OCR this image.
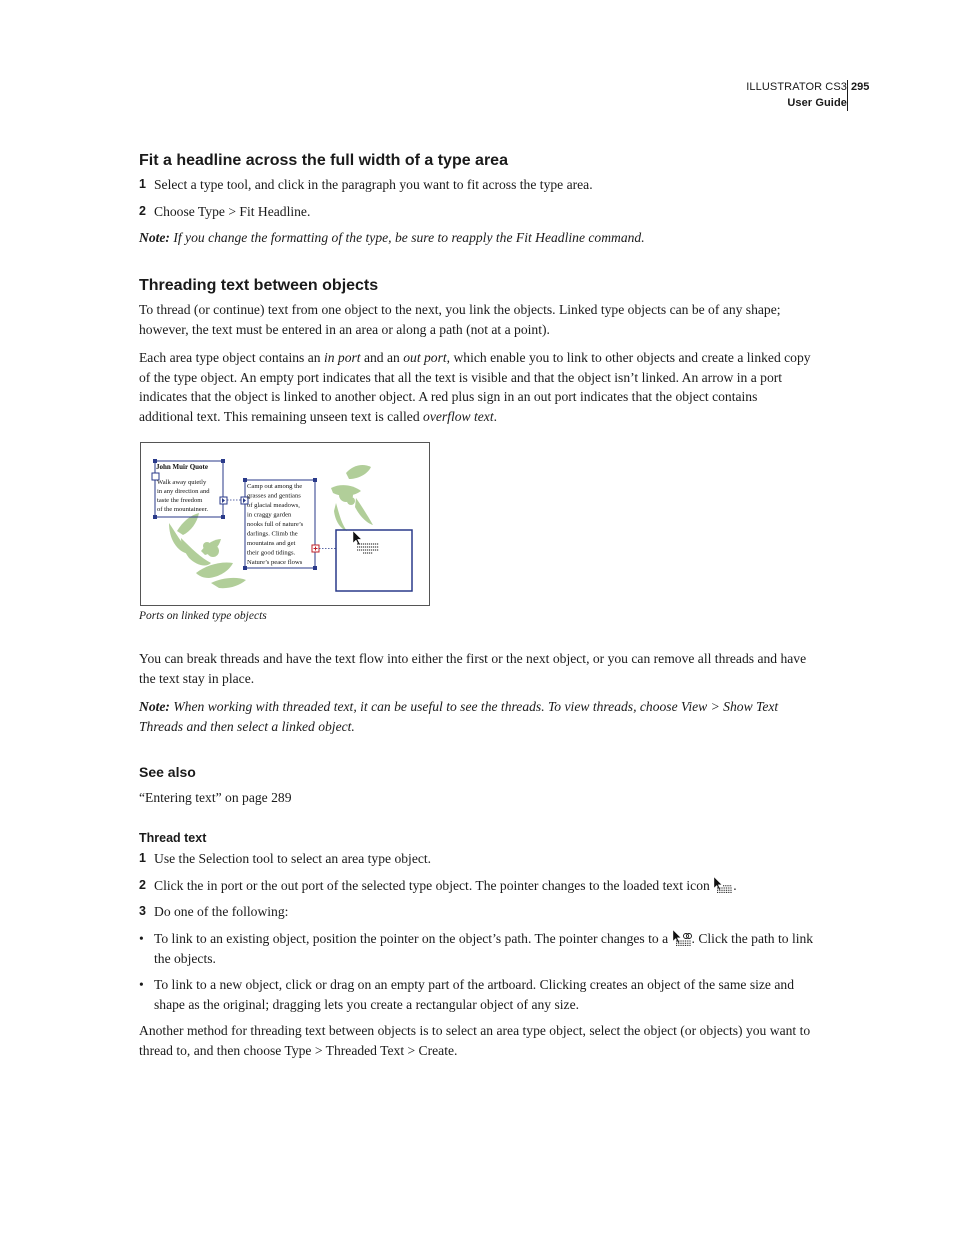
ILLUSTRATOR CS3
User Guide
295
Fit a headline across the full width of a type area
1 Select a type tool, and click in the paragraph you want to fit across the type area.
2 Choose Type > Fit Headline.

Note: If you change the formatting of the type, be sure to reapply the Fit Headline command.

Threading text between objects

To thread (or continue) text from one object to the next, you link the objects. Linked type objects can be of any shape; however, the text must be entered in an area or along a path (not at a point).

Each area type object contains an in port and an out port, which enable you to link to other objects and create a linked copy of the type object. An empty port indicates that all the text is visible and that the object isn’t linked. An arrow in a port indicates that the object is linked to another object. A red plus sign in an out port indicates that the object contains additional text. This remaining unseen text is called overflow text.

John Muir Quote
Walk away quietly
in any direction and
taste the freedom
of the mountaineer.
Camp out among the
grasses and gentians
of glacial meadows,
in craggy garden
nooks full of nature’s
darlings. Climb the
mountains and get
their good tidings.
Nature’s peace flows
Ports on linked type objects

You can break threads and have the text flow into either the first or the next object, or you can remove all threads and have the text stay in place.

Note: When working with threaded text, it can be useful to see the threads. To view threads, choose View > Show Text Threads and then select a linked object.

See also

“Entering text” on page 289

Thread text
1 Use the Selection tool to select an area type object.
2 Click the in port or the out port of the selected type object. The pointer changes to the loaded text icon .
3 Do one of the following:
• To link to an existing object, position the pointer on the object’s path. The pointer changes to a . Click the path to link the objects.
• To link to a new object, click or drag on an empty part of the artboard. Clicking creates an object of the same size and shape as the original; dragging lets you create a rectangular object of any size.

Another method for threading text between objects is to select an area type object, select the object (or objects) you want to thread to, and then choose Type > Threaded Text > Create.
